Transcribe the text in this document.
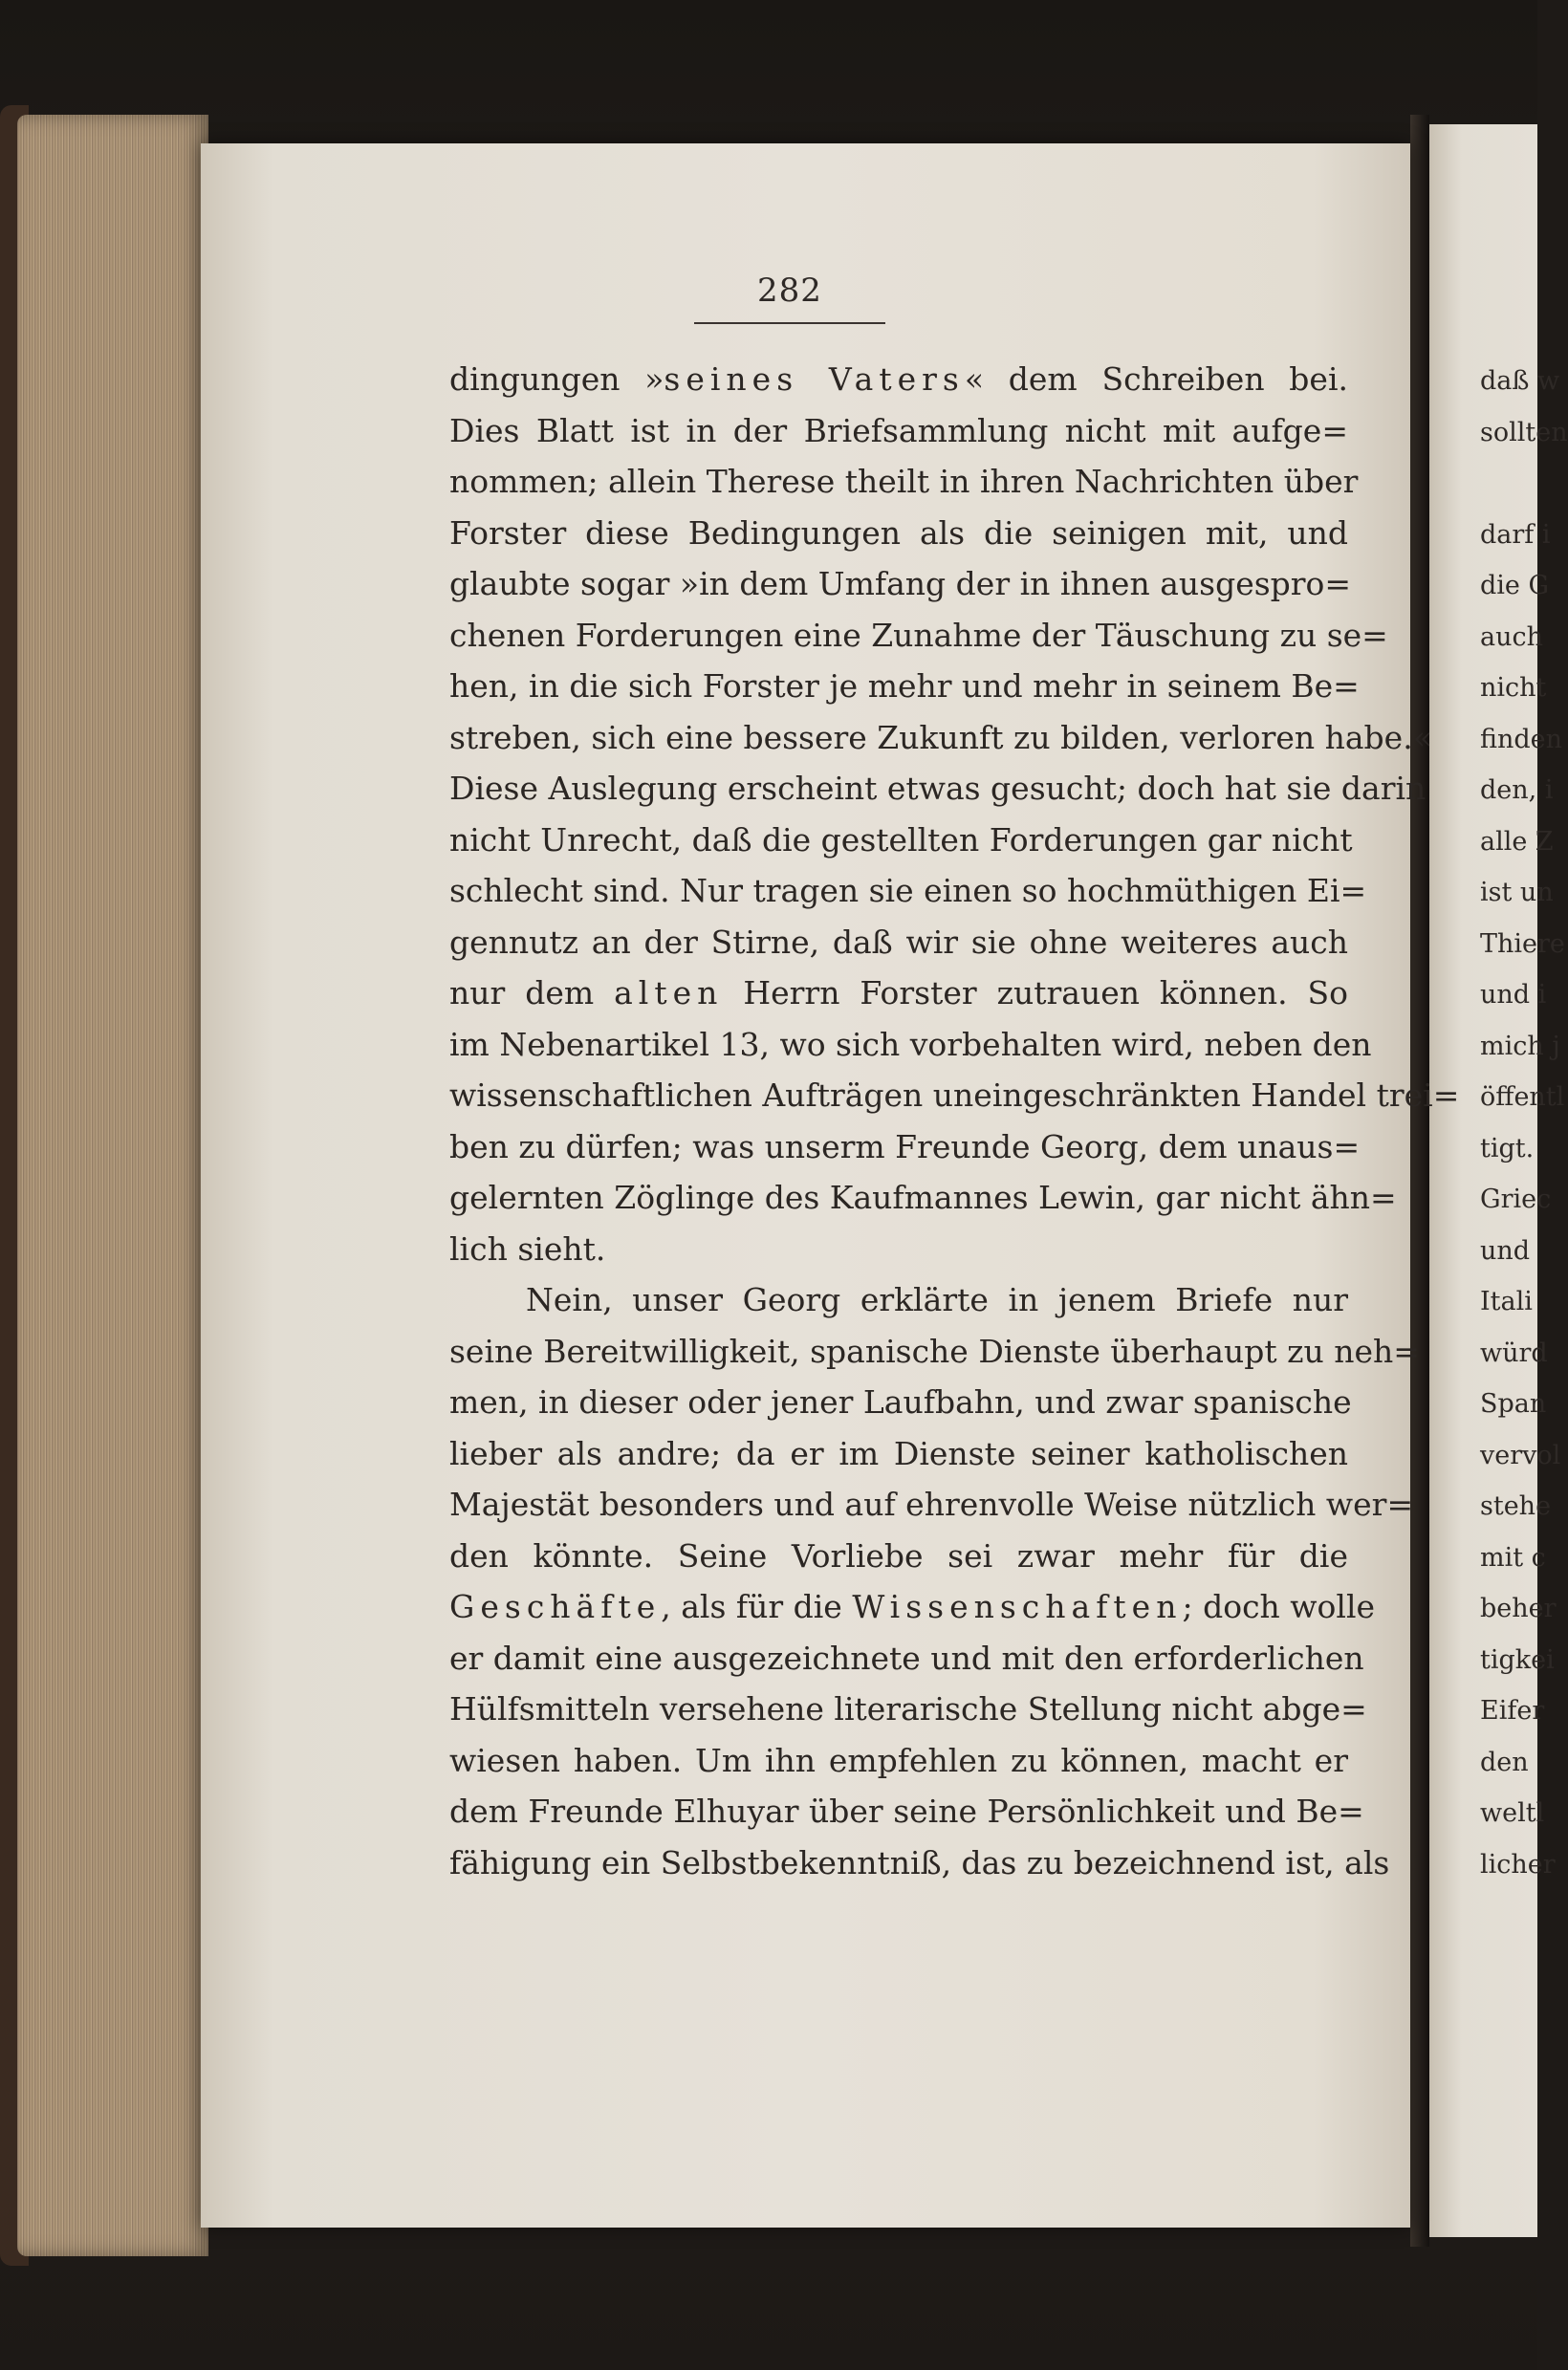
282
dingungen »seines Vaters« dem Schreiben bei.
Dies Blatt ist in der Briefsammlung nicht mit aufge=
nommen; allein Therese theilt in ihren Nachrichten über
Forster diese Bedingungen als die seinigen mit, und
glaubte sogar »in dem Umfang der in ihnen ausgespro=
chenen Forderungen eine Zunahme der Täuschung zu se=
hen, in die sich Forster je mehr und mehr in seinem Be=
streben, sich eine bessere Zukunft zu bilden, verloren habe.«
Diese Auslegung erscheint etwas gesucht; doch hat sie darin
nicht Unrecht, daß die gestellten Forderungen gar nicht
schlecht sind. Nur tragen sie einen so hochmüthigen Ei=
gennutz an der Stirne, daß wir sie ohne weiteres auch
nur dem alten Herrn Forster zutrauen können. So
im Nebenartikel 13, wo sich vorbehalten wird, neben den
wissenschaftlichen Aufträgen uneingeschränkten Handel trei=
ben zu dürfen; was unserm Freunde Georg, dem unaus=
gelernten Zöglinge des Kaufmannes Lewin, gar nicht ähn=
lich sieht.
Nein, unser Georg erklärte in jenem Briefe nur
seine Bereitwilligkeit, spanische Dienste überhaupt zu neh=
men, in dieser oder jener Laufbahn, und zwar spanische
lieber als andre; da er im Dienste seiner katholischen
Majestät besonders und auf ehrenvolle Weise nützlich wer=
den könnte. Seine Vorliebe sei zwar mehr für die
Geschäfte, als für die Wissenschaften; doch wolle
er damit eine ausgezeichnete und mit den erforderlichen
Hülfsmitteln versehene literarische Stellung nicht abge=
wiesen haben. Um ihn empfehlen zu können, macht er
dem Freunde Elhuyar über seine Persönlichkeit und Be=
fähigung ein Selbstbekenntniß, das zu bezeichnend ist, als
daß w
sollten
darf i
die G
auch
nicht
finden
den, i
alle Z
ist un
Thiere
und i
mich j
öffentl
tigt.
Griec
und
Itali
würd
Span
vervol
stehe
mit c
beher
tigkei
Eifer
den
weltl
licher
